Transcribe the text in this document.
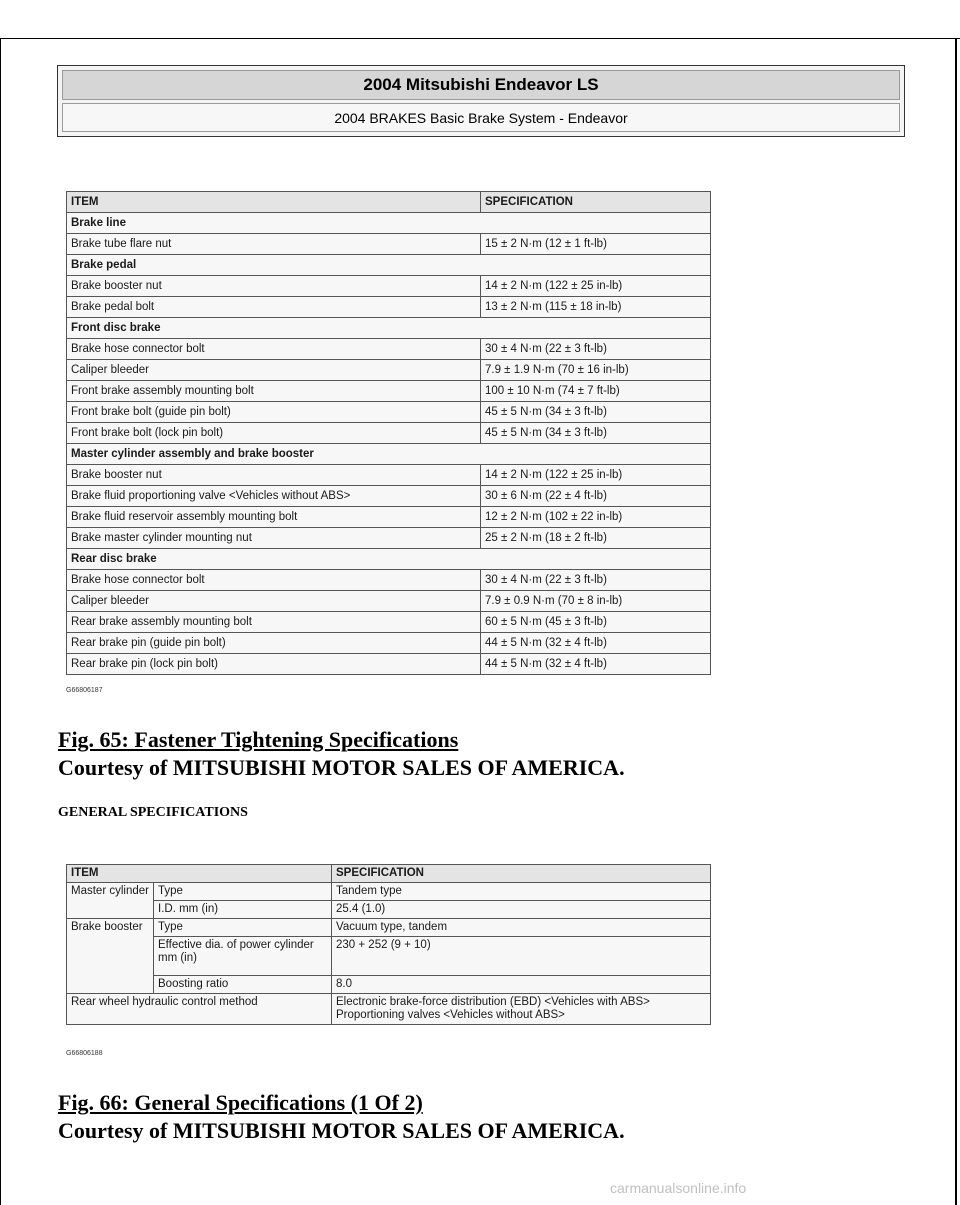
2004 Mitsubishi Endeavor LS
2004 BRAKES Basic Brake System - Endeavor
ITEM	SPECIFICATION
Brake line	
Brake tube flare nut	15 ± 2 N·m (12 ± 1 ft-lb)
Brake pedal	
Brake booster nut	14 ± 2 N·m (122 ± 25 in-lb)
Brake pedal bolt	13 ± 2 N·m (115 ± 18 in-lb)
Front disc brake	
Brake hose connector bolt	30 ± 4 N·m (22 ± 3 ft-lb)
Caliper bleeder	7.9 ± 1.9 N·m (70 ± 16 in-lb)
Front brake assembly mounting bolt	100 ± 10 N·m (74 ± 7 ft-lb)
Front brake bolt (guide pin bolt)	45 ± 5 N·m (34 ± 3 ft-lb)
Front brake bolt (lock pin bolt)	45 ± 5 N·m (34 ± 3 ft-lb)
Master cylinder assembly and brake booster	
Brake booster nut	14 ± 2 N·m (122 ± 25 in-lb)
Brake fluid proportioning valve <Vehicles without ABS>	30 ± 6 N·m (22 ± 4 ft-lb)
Brake fluid reservoir assembly mounting bolt	12 ± 2 N·m (102 ± 22 in-lb)
Brake master cylinder mounting nut	25 ± 2 N·m (18 ± 2 ft-lb)
Rear disc brake	
Brake hose connector bolt	30 ± 4 N·m (22 ± 3 ft-lb)
Caliper bleeder	7.9 ± 0.9 N·m (70 ± 8 in-lb)
Rear brake assembly mounting bolt	60 ± 5 N·m (45 ± 3 ft-lb)
Rear brake pin (guide pin bolt)	44 ± 5 N·m (32 ± 4 ft-lb)
Rear brake pin (lock pin bolt)	44 ± 5 N·m (32 ± 4 ft-lb)
G66806187
Fig. 65: Fastener Tightening Specifications
Courtesy of MITSUBISHI MOTOR SALES OF AMERICA.
GENERAL SPECIFICATIONS
ITEM		SPECIFICATION
Master cylinder	Type	Tandem type
	I.D. mm (in)	25.4 (1.0)
Brake booster	Type	Vacuum type, tandem
	Effective dia. of power cylinder mm (in)	230 + 252 (9 + 10)
	Boosting ratio	8.0
Rear wheel hydraulic control method		Electronic brake-force distribution (EBD) <Vehicles with ABS>
Proportioning valves <Vehicles without ABS>
G66806188
Fig. 66: General Specifications (1 Of 2)
Courtesy of MITSUBISHI MOTOR SALES OF AMERICA.
carmanualsonline.info
